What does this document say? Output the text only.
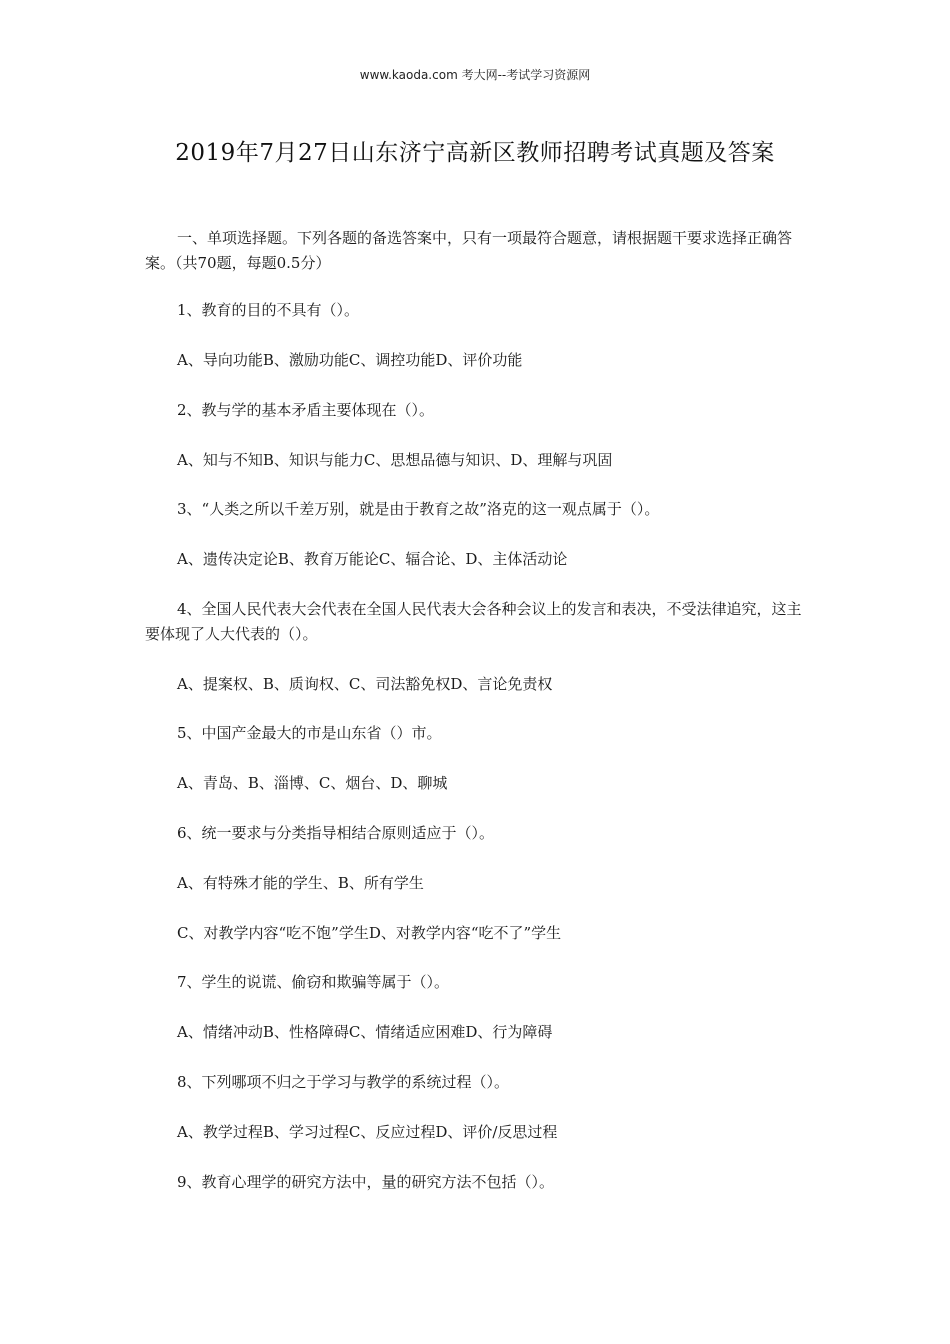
www.kaoda.com 考大网--考试学习资源网
2019年7月27日山东济宁高新区教师招聘考试真题及答案
一、单项选择题。下列各题的备选答案中，只有一项最符合题意，请根据题干要求选择正确答案。（共70题，每题0.5分）
1、教育的目的不具有（）。
A、导向功能B、激励功能C、调控功能D、评价功能
2、教与学的基本矛盾主要体现在（）。
A、知与不知B、知识与能力C、思想品德与知识、D、理解与巩固
3、“人类之所以千差万别，就是由于教育之故”洛克的这一观点属于（）。
A、遗传决定论B、教育万能论C、辐合论、D、主体活动论
4、全国人民代表大会代表在全国人民代表大会各种会议上的发言和表决，不受法律追究，这主要体现了人大代表的（）。
A、提案权、B、质询权、C、司法豁免权D、言论免责权
5、中国产金最大的市是山东省（）市。
A、青岛、B、淄博、C、烟台、D、聊城
6、统一要求与分类指导相结合原则适应于（）。
A、有特殊才能的学生、B、所有学生
C、对教学内容“吃不饱”学生D、对教学内容“吃不了”学生
7、学生的说谎、偷窃和欺骗等属于（）。
A、情绪冲动B、性格障碍C、情绪适应困难D、行为障碍
8、下列哪项不归之于学习与教学的系统过程（）。
A、教学过程B、学习过程C、反应过程D、评价/反思过程
9、教育心理学的研究方法中，量的研究方法不包括（）。
